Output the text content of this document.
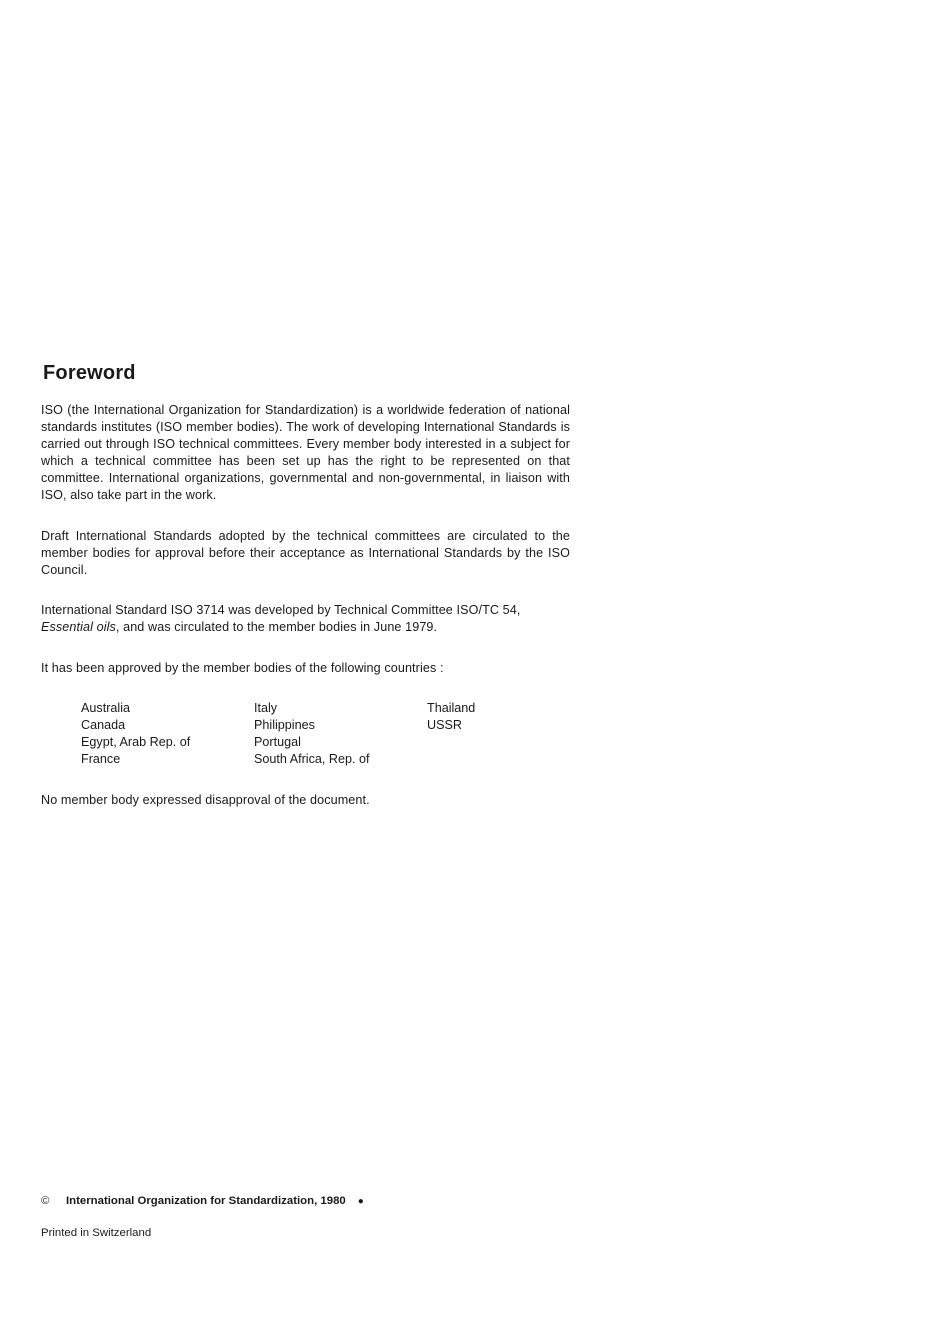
Foreword

ISO (the International Organization for Standardization) is a worldwide federation of national standards institutes (ISO member bodies). The work of developing International Standards is carried out through ISO technical committees. Every member body interested in a subject for which a technical committee has been set up has the right to be represented on that committee. International organizations, governmental and non-governmental, in liaison with ISO, also take part in the work.

Draft International Standards adopted by the technical committees are circulated to the member bodies for approval before their acceptance as International Standards by the ISO Council.

International Standard ISO 3714 was developed by Technical Committee ISO/TC 54,
Essential oils, and was circulated to the member bodies in June 1979.

It has been approved by the member bodies of the following countries :

Australia
Canada
Egypt, Arab Rep. of
France
Italy
Philippines
Portugal
South Africa, Rep. of
Thailand
USSR

No member body expressed disapproval of the document.

© International Organization for Standardization, 1980 ●
Printed in Switzerland
